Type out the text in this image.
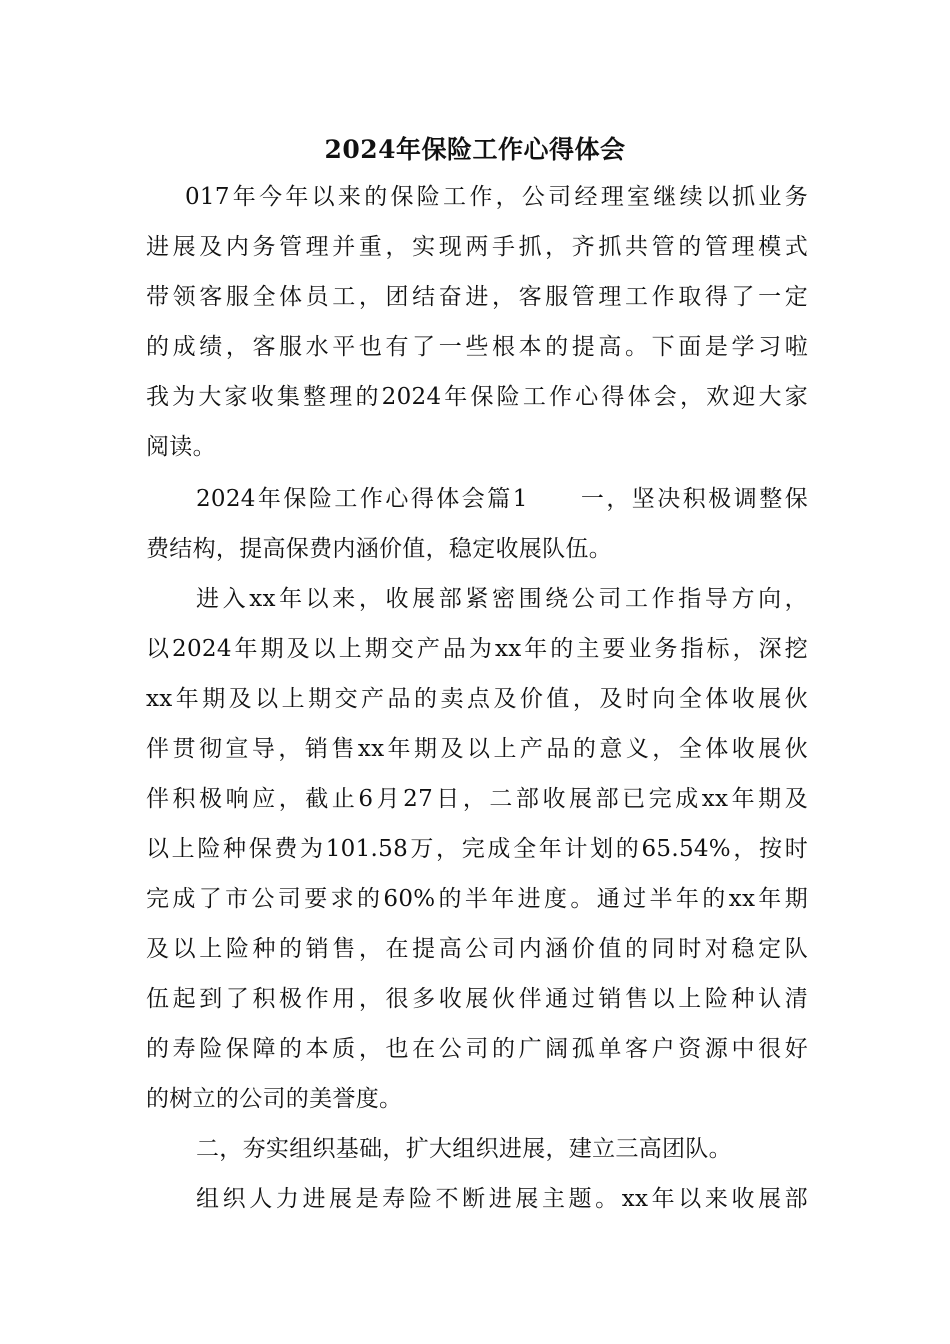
2024年保险工作心得体会
017年今年以来的保险工作，公司经理室继续以抓业务
进展及内务管理并重，实现两手抓，齐抓共管的管理模式
带领客服全体员工，团结奋进，客服管理工作取得了一定
的成绩，客服水平也有了一些根本的提高。下面是学习啦
我为大家收集整理的2024年保险工作心得体会，欢迎大家
阅读。
2024年保险工作心得体会篇1　　一，坚决积极调整保
费结构，提高保费内涵价值，稳定收展队伍。
进入xx年以来，收展部紧密围绕公司工作指导方向，
以2024年期及以上期交产品为xx年的主要业务指标，深挖
xx年期及以上期交产品的卖点及价值，及时向全体收展伙
伴贯彻宣导，销售xx年期及以上产品的意义，全体收展伙
伴积极响应，截止6月27日，二部收展部已完成xx年期及
以上险种保费为101.58万，完成全年计划的65.54%，按时
完成了市公司要求的60%的半年进度。通过半年的xx年期
及以上险种的销售，在提高公司内涵价值的同时对稳定队
伍起到了积极作用，很多收展伙伴通过销售以上险种认清
的寿险保障的本质，也在公司的广阔孤单客户资源中很好
的树立的公司的美誉度。
二，夯实组织基础，扩大组织进展，建立三高团队。
组织人力进展是寿险不断进展主题。xx年以来收展部
